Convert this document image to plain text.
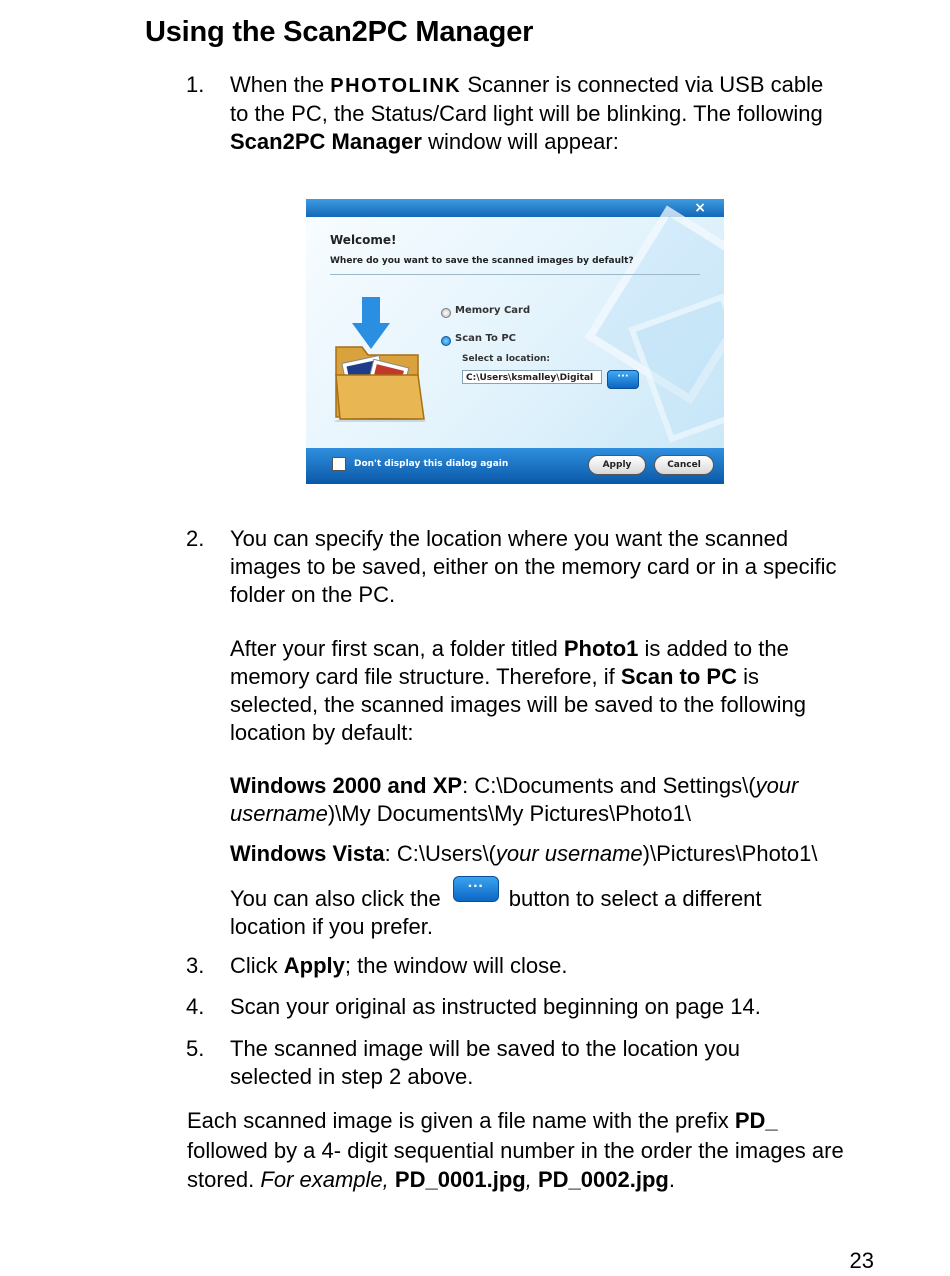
Using the Scan2PC Manager
1. When the PHOTOLINK Scanner is connected via USB cable to the PC, the Status/Card light will be blinking. The following Scan2PC Manager window will appear:
×
Welcome!
Where do you want to save the scanned images by default?
Memory Card
Scan To PC
Select a location:
C:\Users\ksmalley\Digital	···
Don't display this dialog again	Apply	Cancel
2. You can specify the location where you want the scanned images to be saved, either on the memory card or in a specific folder on the PC.
After your first scan, a folder titled Photo1 is added to the memory card file structure. Therefore, if Scan to PC is selected, the scanned images will be saved to the following location by default:
Windows 2000 and XP: C:\Documents and Settings\(your username)\My Documents\My Pictures\Photo1\
Windows Vista: C:\Users\(your username)\Pictures\Photo1\
You can also click the···	button to select a different location if you prefer.
3. Click Apply; the window will close.
4. Scan your original as instructed beginning on page 14.
5. The scanned image will be saved to the location you selected in step 2 above.
Each scanned image is given a file name with the prefix PD_ followed by a 4- digit sequential number in the order the images are stored. For example, PD_0001.jpg, PD_0002.jpg.
23
